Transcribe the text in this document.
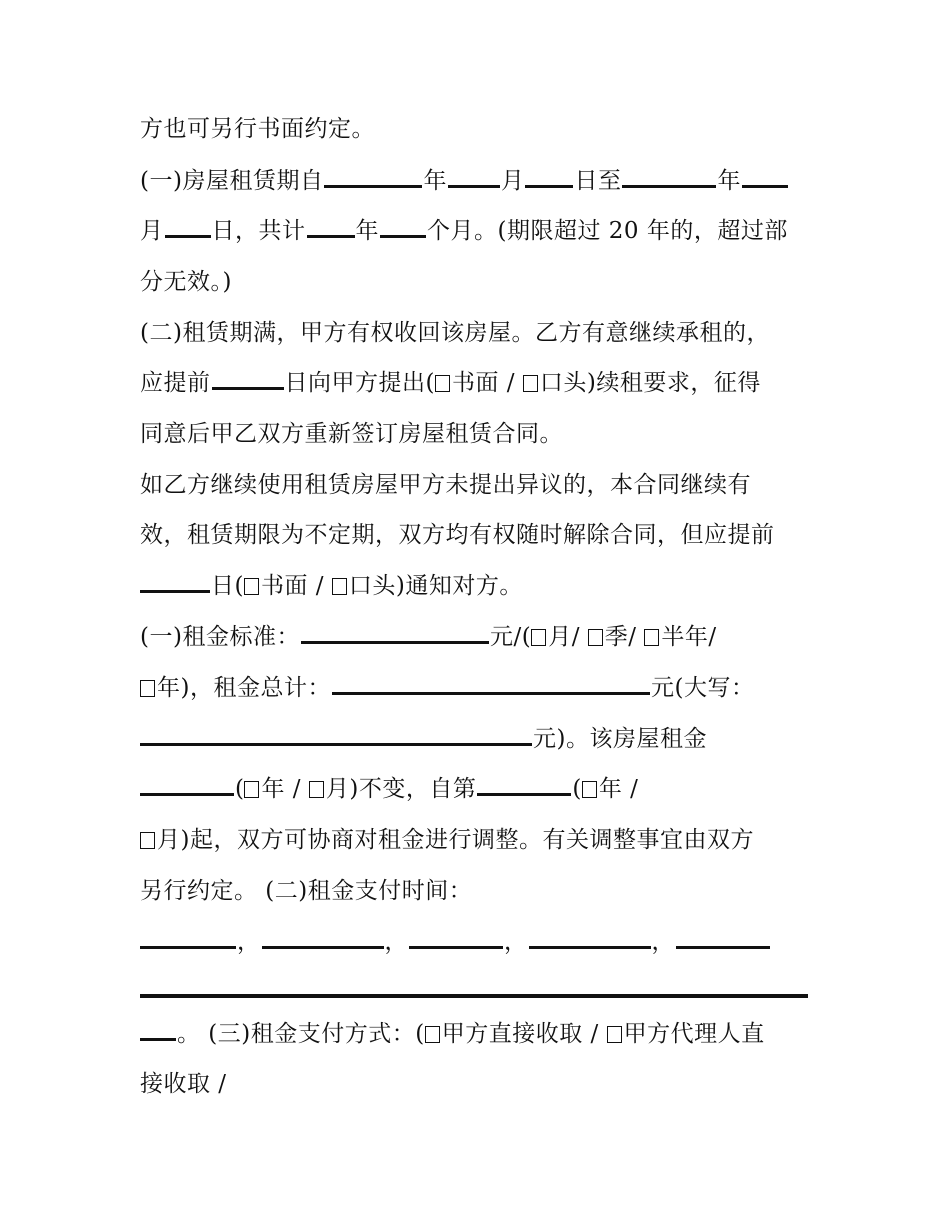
方也可另行书面约定。
(一)房屋租赁期自	年 月 日至	年
月 日，共计 年 个月。(期限超过 20 年的，超过部
分无效。)
(二)租赁期满，甲方有权收回该房屋。乙方有意继续承租的，
应提前	日向甲方提出( 书面 / 口头)续租要求，征得
同意后甲乙双方重新签订房屋租赁合同。
如乙方继续使用租赁房屋甲方未提出异议的，本合同继续有
效，租赁期限为不定期，双方均有权随时解除合同，但应提前
日( 书面 / 口头)通知对方。
(一)租金标准：	元/( 月/ 季/ 半年/
年)，租金总计：	元(大写：
元)。该房屋租金
( 年 / 月)不变，自第	( 年 /
月)起，双方可协商对租金进行调整。有关调整事宜由双方
另行约定。 (二)租金支付时间：
，	，	，	，
。 (三)租金支付方式：( 甲方直接收取 / 甲方代理人直
接收取 /
